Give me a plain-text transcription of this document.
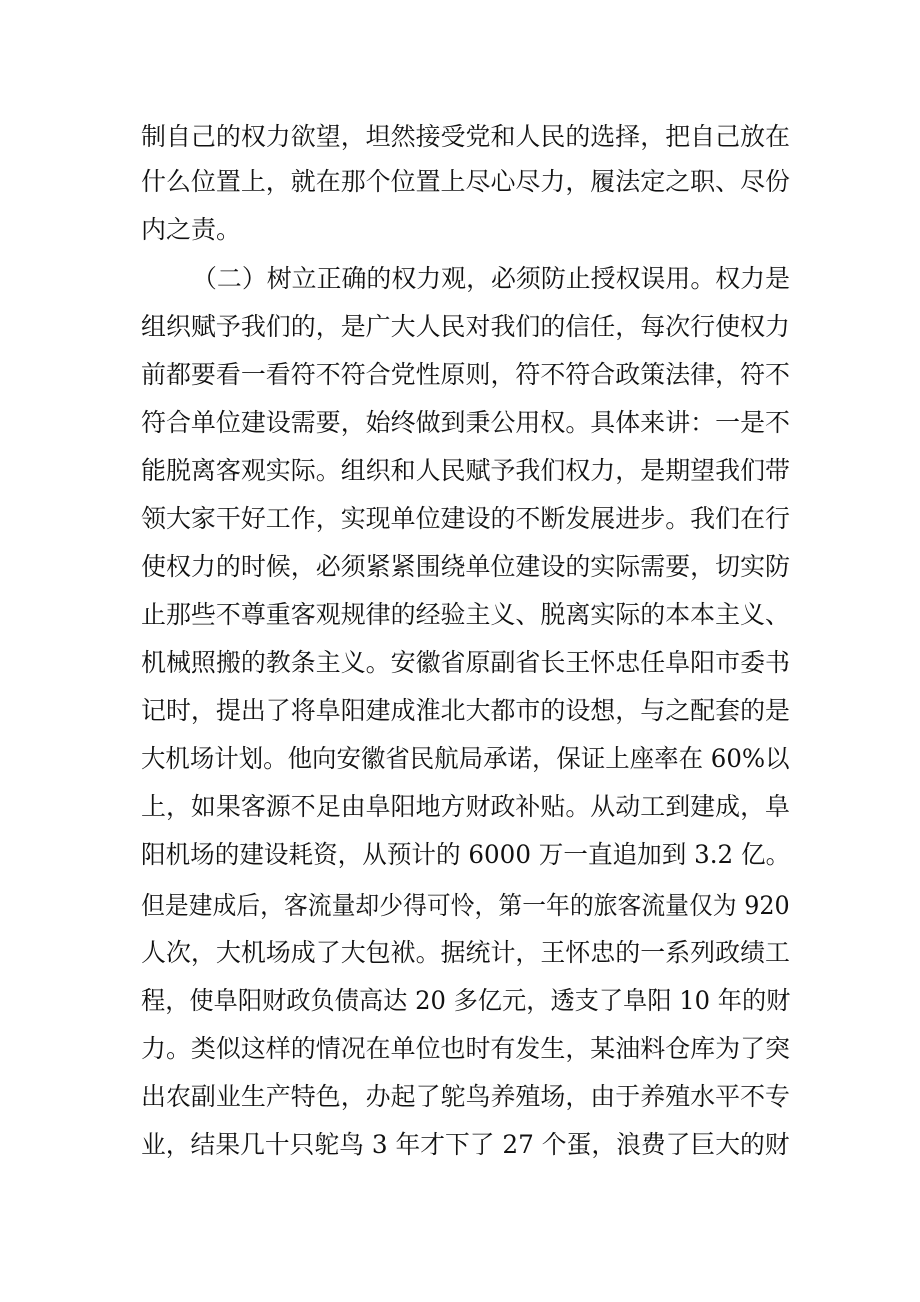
制自己的权力欲望，坦然接受党和人民的选择，把自己放在
什么位置上，就在那个位置上尽心尽力，履法定之职、尽份
内之责。
（二）树立正确的权力观，必须防止授权误用。权力是
组织赋予我们的，是广大人民对我们的信任，每次行使权力
前都要看一看符不符合党性原则，符不符合政策法律，符不
符合单位建设需要，始终做到秉公用权。具体来讲：一是不
能脱离客观实际。组织和人民赋予我们权力，是期望我们带
领大家干好工作，实现单位建设的不断发展进步。我们在行
使权力的时候，必须紧紧围绕单位建设的实际需要，切实防
止那些不尊重客观规律的经验主义、脱离实际的本本主义、
机械照搬的教条主义。安徽省原副省长王怀忠任阜阳市委书
记时，提出了将阜阳建成淮北大都市的设想，与之配套的是
大机场计划。他向安徽省民航局承诺，保证上座率在 60%以
上，如果客源不足由阜阳地方财政补贴。从动工到建成，阜
阳机场的建设耗资，从预计的 6000 万一直追加到 3.2 亿。
但是建成后，客流量却少得可怜，第一年的旅客流量仅为 920
人次，大机场成了大包袱。据统计，王怀忠的一系列政绩工
程，使阜阳财政负债高达 20 多亿元，透支了阜阳 10 年的财
力。类似这样的情况在单位也时有发生，某油料仓库为了突
出农副业生产特色，办起了鸵鸟养殖场，由于养殖水平不专
业，结果几十只鸵鸟 3 年才下了 27 个蛋，浪费了巨大的财
